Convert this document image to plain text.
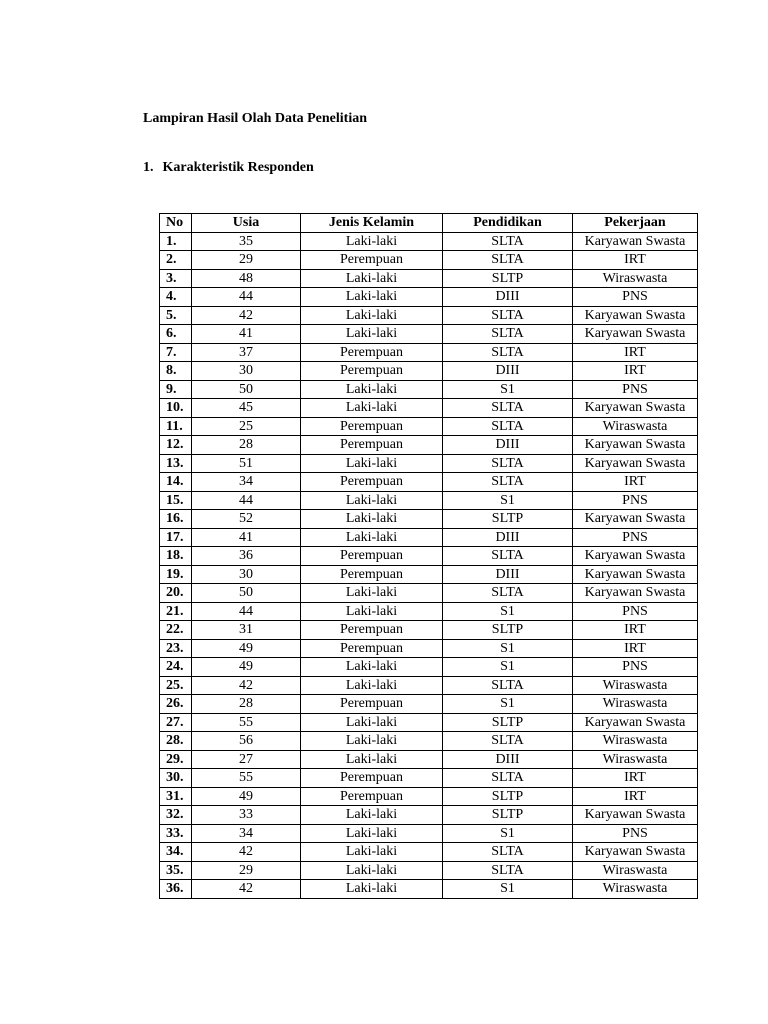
Lampiran Hasil Olah Data Penelitian
1. Karakteristik Responden
No	Usia	Jenis Kelamin	Pendidikan	Pekerjaan
1.	35	Laki-laki	SLTA	Karyawan Swasta
2.	29	Perempuan	SLTA	IRT
3.	48	Laki-laki	SLTP	Wiraswasta
4.	44	Laki-laki	DIII	PNS
5.	42	Laki-laki	SLTA	Karyawan Swasta
6.	41	Laki-laki	SLTA	Karyawan Swasta
7.	37	Perempuan	SLTA	IRT
8.	30	Perempuan	DIII	IRT
9.	50	Laki-laki	S1	PNS
10.	45	Laki-laki	SLTA	Karyawan Swasta
11.	25	Perempuan	SLTA	Wiraswasta
12.	28	Perempuan	DIII	Karyawan Swasta
13.	51	Laki-laki	SLTA	Karyawan Swasta
14.	34	Perempuan	SLTA	IRT
15.	44	Laki-laki	S1	PNS
16.	52	Laki-laki	SLTP	Karyawan Swasta
17.	41	Laki-laki	DIII	PNS
18.	36	Perempuan	SLTA	Karyawan Swasta
19.	30	Perempuan	DIII	Karyawan Swasta
20.	50	Laki-laki	SLTA	Karyawan Swasta
21.	44	Laki-laki	S1	PNS
22.	31	Perempuan	SLTP	IRT
23.	49	Perempuan	S1	IRT
24.	49	Laki-laki	S1	PNS
25.	42	Laki-laki	SLTA	Wiraswasta
26.	28	Perempuan	S1	Wiraswasta
27.	55	Laki-laki	SLTP	Karyawan Swasta
28.	56	Laki-laki	SLTA	Wiraswasta
29.	27	Laki-laki	DIII	Wiraswasta
30.	55	Perempuan	SLTA	IRT
31.	49	Perempuan	SLTP	IRT
32.	33	Laki-laki	SLTP	Karyawan Swasta
33.	34	Laki-laki	S1	PNS
34.	42	Laki-laki	SLTA	Karyawan Swasta
35.	29	Laki-laki	SLTA	Wiraswasta
36.	42	Laki-laki	S1	Wiraswasta
